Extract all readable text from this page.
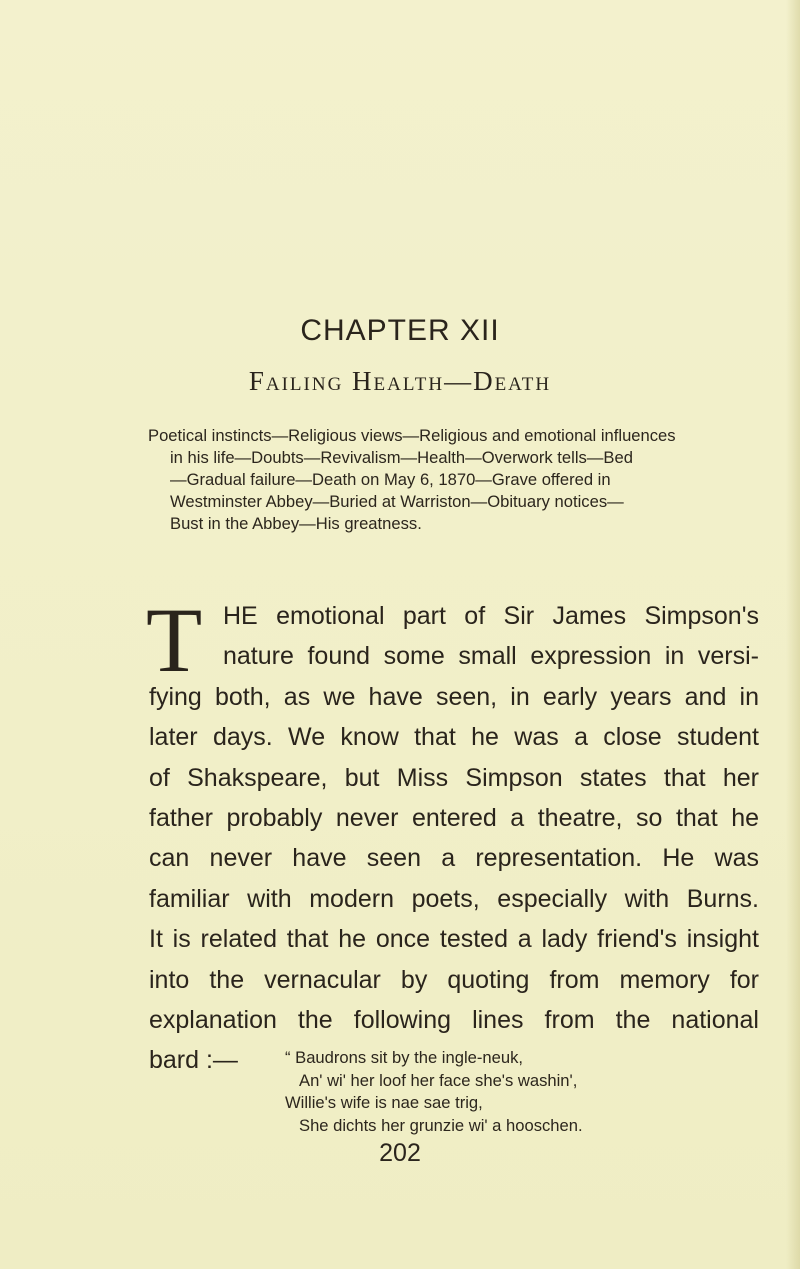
CHAPTER XII
Failing Health—Death
Poetical instincts—Religious views—Religious and emotional influences
in his life—Doubts—Revivalism—Health—Overwork tells—Bed
—Gradual failure—Death on May 6, 1870—Grave offered in
Westminster Abbey—Buried at Warriston—Obituary notices—
Bust in the Abbey—His greatness.
T HE emotional part of Sir James Simpson's
nature found some small expression in versi-
fying both, as we have seen, in early years and in
later days. We know that he was a close student
of Shakspeare, but Miss Simpson states that her
father probably never entered a theatre, so that he
can never have seen a representation. He was
familiar with modern poets, especially with Burns.
It is related that he once tested a lady friend's insight
into the vernacular by quoting from memory for
explanation the following lines from the national
bard :—	“ Baudrons sit by the ingle-neuk,
An' wi' her loof her face she's washin',
Willie's wife is nae sae trig,
She dichts her grunzie wi' a hooschen.
202
